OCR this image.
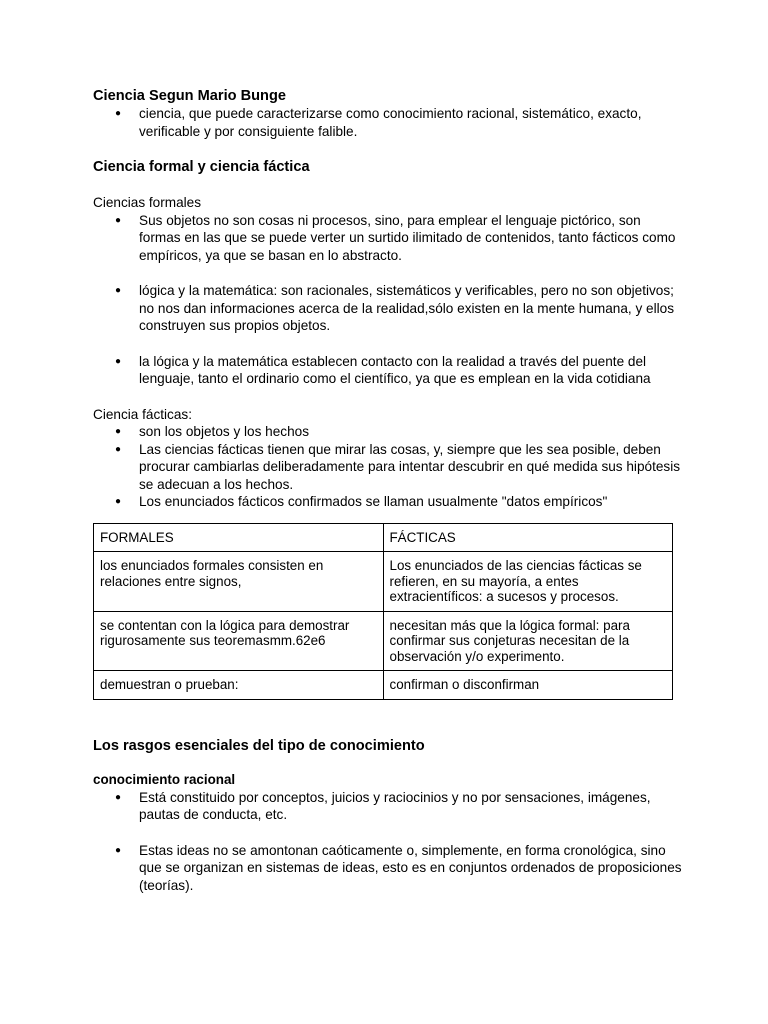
Ciencia Segun Mario Bunge
● ciencia, que puede caracterizarse como conocimiento racional, sistemático, exacto, verificable y por consiguiente falible.
Ciencia formal y ciencia fáctica

Ciencias formales

● Sus objetos no son cosas ni procesos, sino, para emplear el lenguaje pictórico, son formas en las que se puede verter un surtido ilimitado de contenidos, tanto fácticos como empíricos, ya que se basan en lo abstracto.
● lógica y la matemática: son racionales, sistemáticos y verificables, pero no son objetivos; no nos dan informaciones acerca de la realidad,sólo existen en la mente humana, y ellos construyen sus propios objetos.
● la lógica y la matemática establecen contacto con la realidad a través del puente del lenguaje, tanto el ordinario como el científico, ya que es emplean en la vida cotidiana

Ciencia fácticas:

● son los objetos y los hechos
● Las ciencias fácticas tienen que mirar las cosas, y, siempre que les sea posible, deben procurar cambiarlas deliberadamente para intentar descubrir en qué medida sus hipótesis se adecuan a los hechos.
● Los enunciados fácticos confirmados se llaman usualmente "datos empíricos"
FORMALES	FÁCTICAS
los enunciados formales consisten en relaciones entre signos,	Los enunciados de las ciencias fácticas se refieren, en su mayoría, a entes extracientíficos: a sucesos y procesos.
se contentan con la lógica para demostrar rigurosamente sus teoremasmm.62e6	necesitan más que la lógica formal: para confirmar sus conjeturas necesitan de la observación y/o experimento.
demuestran o prueban:	confirman o disconfirman
Los rasgos esenciales del tipo de conocimiento
conocimiento racional
● Está constituido por conceptos, juicios y raciocinios y no por sensaciones, imágenes, pautas de conducta, etc.
● Estas ideas no se amontonan caóticamente o, simplemente, en forma cronológica, sino que se organizan en sistemas de ideas, esto es en conjuntos ordenados de proposiciones (teorías).
